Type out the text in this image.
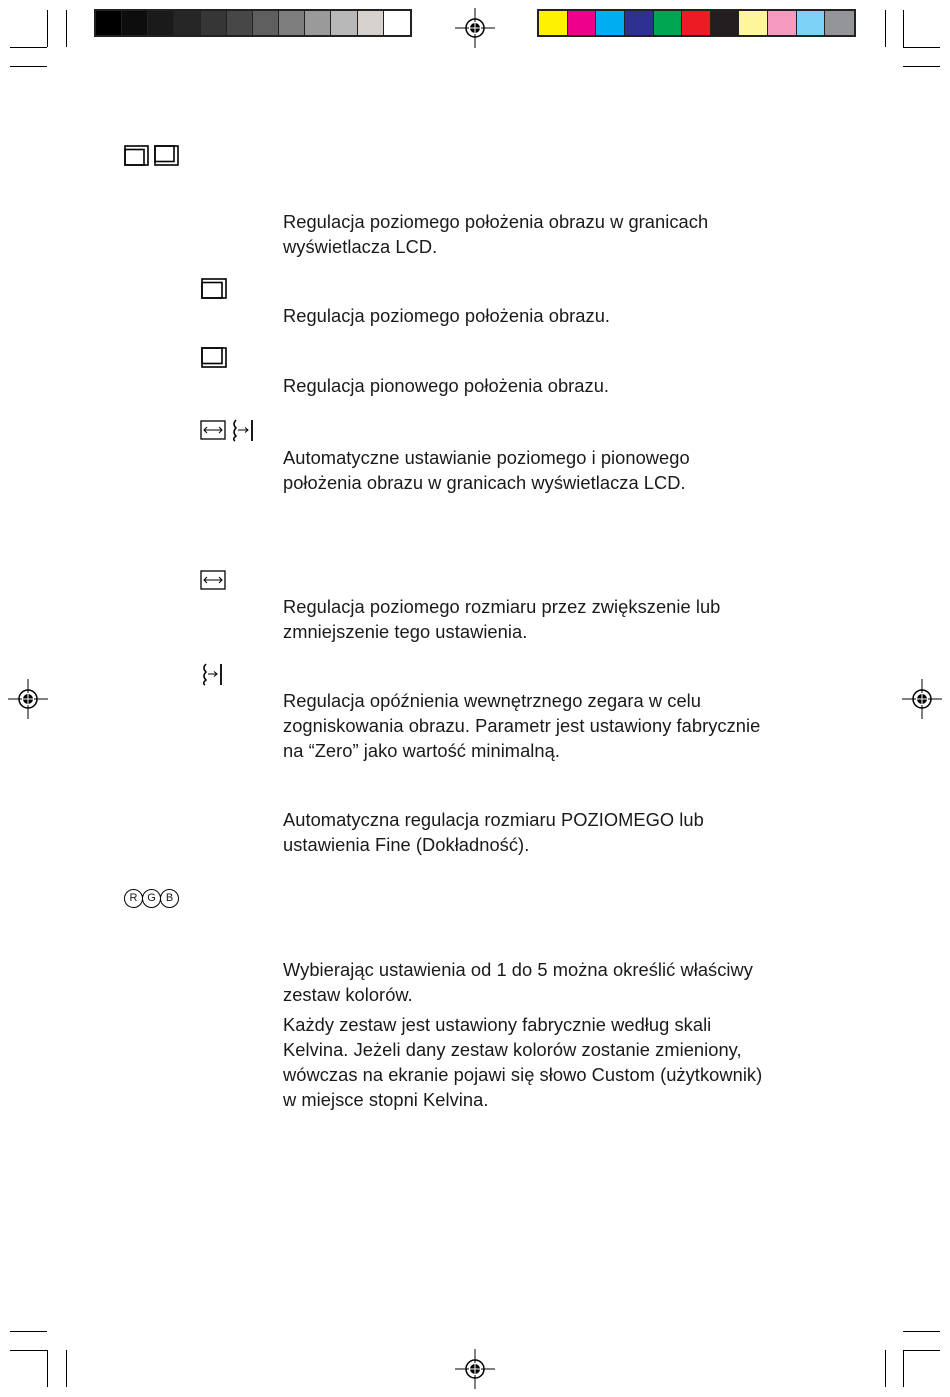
R G B
Regulacja poziomego położenia obrazu w granicach
wyświetlacza LCD.
Regulacja poziomego położenia obrazu.
Regulacja pionowego położenia obrazu.
Automatyczne ustawianie poziomego i pionowego
położenia obrazu w granicach wyświetlacza LCD.
Regulacja poziomego rozmiaru przez zwiększenie lub
zmniejszenie tego ustawienia.
Regulacja opóźnienia wewnętrznego zegara w celu
zogniskowania obrazu. Parametr jest ustawiony fabrycznie
na “Zero” jako wartość minimalną.
Automatyczna regulacja rozmiaru POZIOMEGO lub
ustawienia Fine (Dokładność).
Wybierając ustawienia od 1 do 5 można określić właściwy
zestaw kolorów.
Każdy zestaw jest ustawiony fabrycznie według skali
Kelvina. Jeżeli dany zestaw kolorów zostanie zmieniony,
wówczas na ekranie pojawi się słowo Custom (użytkownik)
w miejsce stopni Kelvina.
